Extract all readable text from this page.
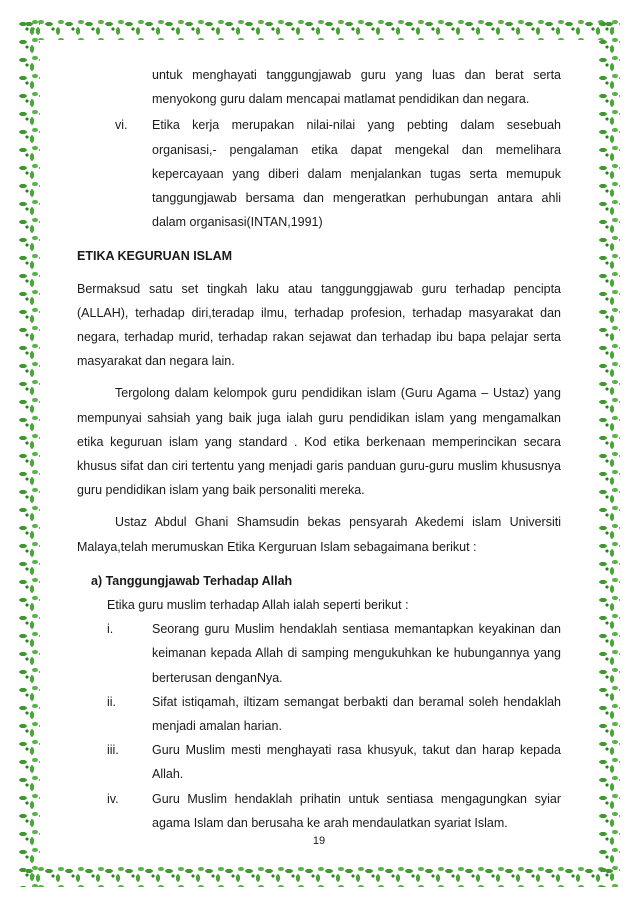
untuk menghayati tanggungjawab guru yang luas dan berat serta menyokong guru dalam mencapai matlamat pendidikan dan negara.
vi.	Etika kerja merupakan nilai-nilai yang pebting dalam sesebuah organisasi,- pengalaman etika dapat mengekal dan memelihara kepercayaan yang diberi dalam menjalankan tugas serta memupuk tanggungjawab bersama dan mengeratkan perhubungan antara ahli dalam organisasi(INTAN,1991)
ETIKA KEGURUAN ISLAM
Bermaksud satu set tingkah laku atau tanggunggjawab guru terhadap pencipta (ALLAH), terhadap diri,teradap ilmu, terhadap profesion, terhadap masyarakat dan negara, terhadap murid, terhadap rakan sejawat dan terhadap ibu bapa pelajar serta masyarakat dan negara lain.
Tergolong dalam kelompok guru pendidikan islam (Guru Agama – Ustaz) yang mempunyai sahsiah yang baik juga ialah guru pendidikan islam yang mengamalkan etika keguruan islam yang standard . Kod etika berkenaan memperincikan secara khusus sifat dan ciri tertentu yang menjadi garis panduan guru-guru muslim khususnya guru pendidikan islam yang baik personaliti mereka.
Ustaz Abdul Ghani Shamsudin bekas pensyarah Akedemi islam Universiti Malaya,telah merumuskan Etika Kerguruan Islam sebagaimana berikut :
a) Tanggungjawab Terhadap Allah
Etika guru muslim terhadap Allah ialah seperti berikut :
i.	Seorang guru Muslim hendaklah sentiasa memantapkan keyakinan dan keimanan kepada Allah di samping mengukuhkan ke hubungannya yang berterusan denganNya.
ii.	Sifat istiqamah, iltizam semangat berbakti dan beramal soleh hendaklah menjadi amalan harian.
iii.	Guru Muslim mesti menghayati rasa khusyuk, takut dan harap kepada Allah.
iv.	Guru Muslim hendaklah prihatin untuk sentiasa mengagungkan syiar agama Islam dan berusaha ke arah mendaulatkan syariat Islam.
19
